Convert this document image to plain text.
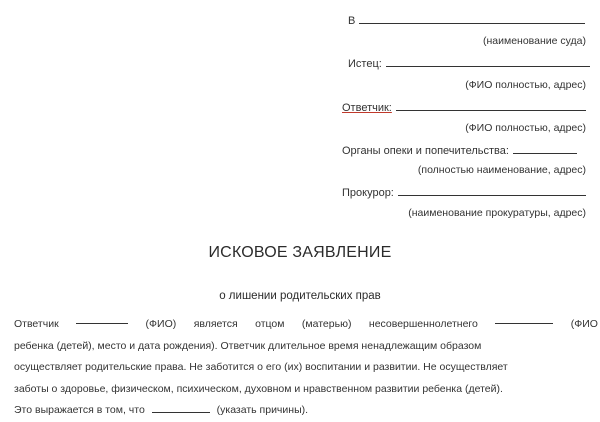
В
(наименование суда)
Истец:
(ФИО полностью, адрес)
Ответчик:
(ФИО полностью, адрес)
Органы опеки и попечительства:
(полностью наименование, адрес)
Прокурор:
(наименование прокуратуры, адрес)
ИСКОВОЕ ЗАЯВЛЕНИЕ
о лишении родительских прав
Ответчик	(ФИО) является отцом (матерью) несовершеннолетнего	(ФИО
ребенка (детей), место и дата рождения). Ответчик длительное время ненадлежащим образом
осуществляет родительские права. Не заботится о его (их) воспитании и развитии. Не осуществляет
заботы о здоровье, физическом, психическом, духовном и нравственном развитии ребенка (детей).
Это выражается в том, что	(указать причины).
